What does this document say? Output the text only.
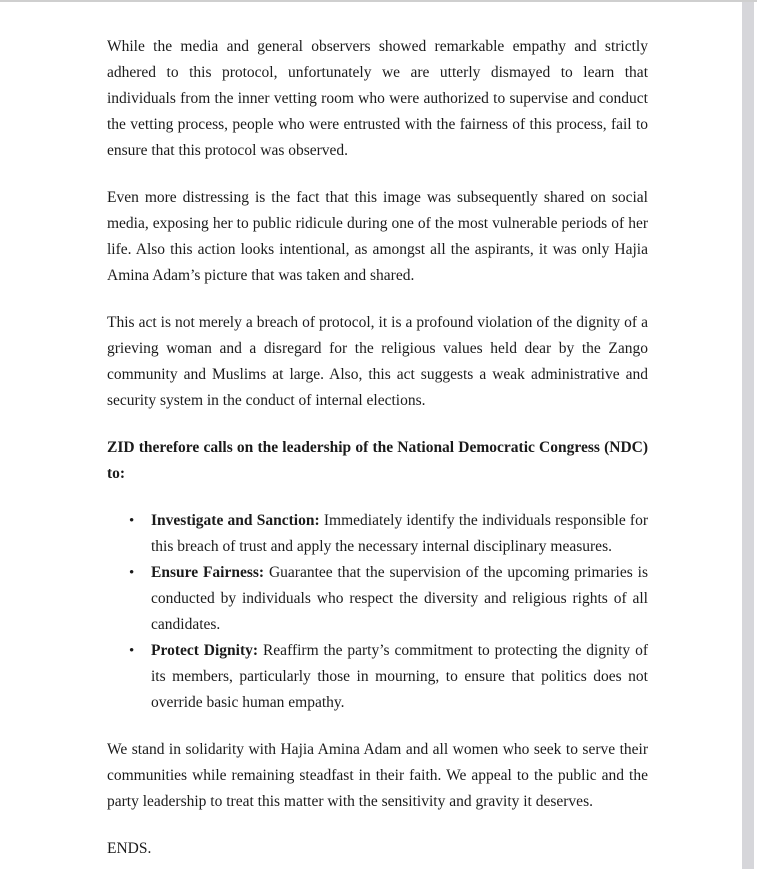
While the media and general observers showed remarkable empathy and strictly adhered to this protocol, unfortunately we are utterly dismayed to learn that individuals from the inner vetting room who were authorized to supervise and conduct the vetting process, people who were entrusted with the fairness of this process, fail to ensure that this protocol was observed.

Even more distressing is the fact that this image was subsequently shared on social media, exposing her to public ridicule during one of the most vulnerable periods of her life. Also this action looks intentional, as amongst all the aspirants, it was only Hajia Amina Adam’s picture that was taken and shared.

This act is not merely a breach of protocol, it is a profound violation of the dignity of a grieving woman and a disregard for the religious values held dear by the Zango community and Muslims at large. Also, this act suggests a weak administrative and security system in the conduct of internal elections.

ZID therefore calls on the leadership of the National Democratic Congress (NDC) to:

• Investigate and Sanction: Immediately identify the individuals responsible for this breach of trust and apply the necessary internal disciplinary measures.
• Ensure Fairness: Guarantee that the supervision of the upcoming primaries is conducted by individuals who respect the diversity and religious rights of all candidates.
• Protect Dignity: Reaffirm the party’s commitment to protecting the dignity of its members, particularly those in mourning, to ensure that politics does not override basic human empathy.

We stand in solidarity with Hajia Amina Adam and all women who seek to serve their communities while remaining steadfast in their faith. We appeal to the public and the party leadership to treat this matter with the sensitivity and gravity it deserves.

ENDS.
